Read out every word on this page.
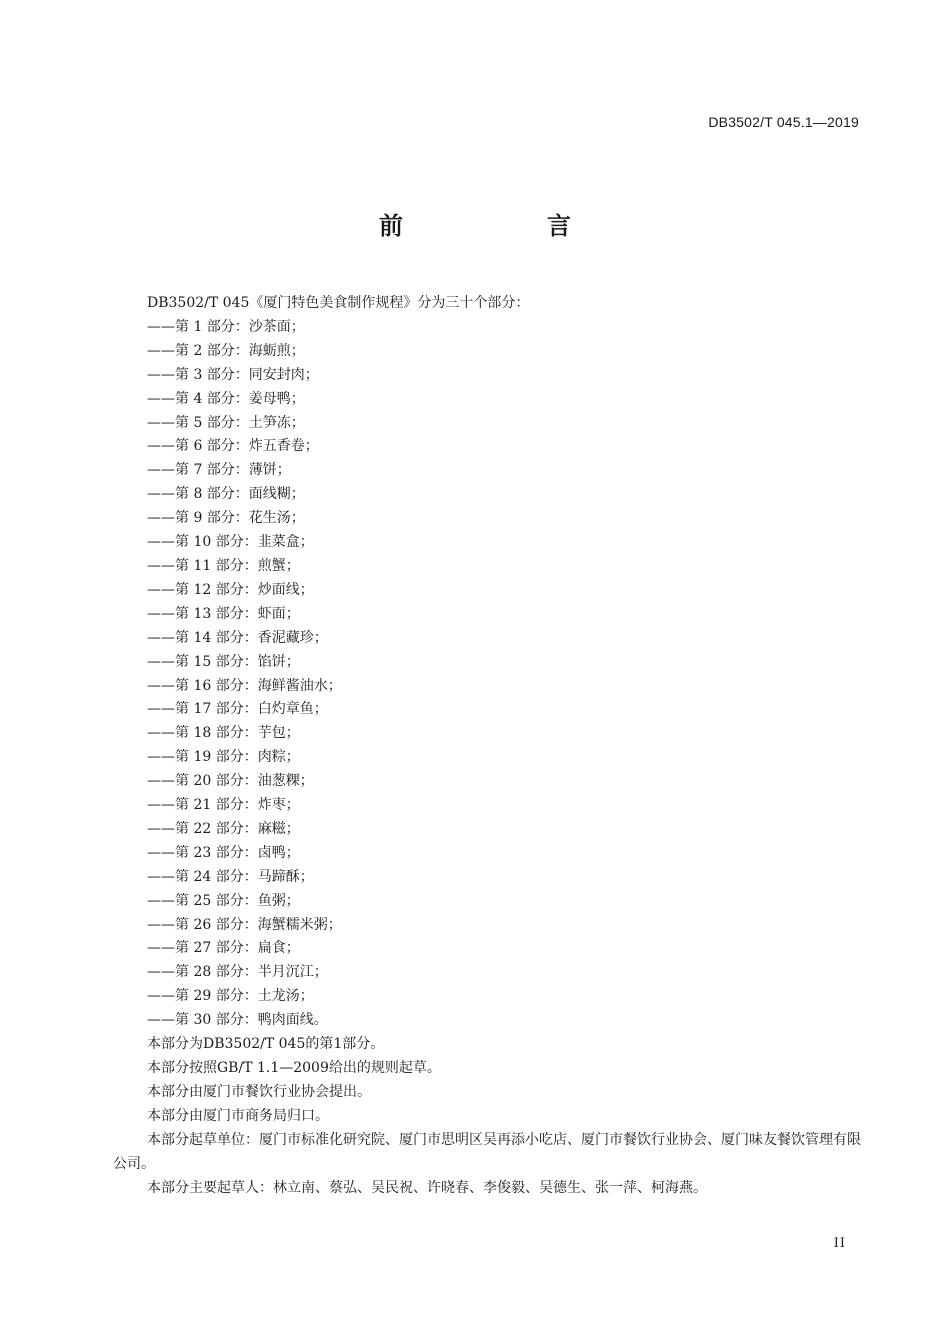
DB3502/T 045.1—2019
前　言

DB3502/T 045《厦门特色美食制作规程》分为三十个部分：

——第 1 部分：沙茶面；
——第 2 部分：海蛎煎；
——第 3 部分：同安封肉；
——第 4 部分：姜母鸭；
——第 5 部分：土笋冻；
——第 6 部分：炸五香卷；
——第 7 部分：薄饼；
——第 8 部分：面线糊；
——第 9 部分：花生汤；
——第 10 部分：韭菜盒；
——第 11 部分：煎蟹；
——第 12 部分：炒面线；
——第 13 部分：虾面；
——第 14 部分：香泥藏珍；
——第 15 部分：馅饼；
——第 16 部分：海鲜酱油水；
——第 17 部分：白灼章鱼；
——第 18 部分：芋包；
——第 19 部分：肉粽；
——第 20 部分：油葱粿；
——第 21 部分：炸枣；
——第 22 部分：麻糍；
——第 23 部分：卤鸭；
——第 24 部分：马蹄酥；
——第 25 部分：鱼粥；
——第 26 部分：海蟹糯米粥；
——第 27 部分：扁食；
——第 28 部分：半月沉江；
——第 29 部分：土龙汤；
——第 30 部分：鸭肉面线。

本部分为DB3502/T 045的第1部分。

本部分按照GB/T 1.1—2009给出的规则起草。

本部分由厦门市餐饮行业协会提出。

本部分由厦门市商务局归口。

本部分起草单位：厦门市标准化研究院、厦门市思明区吴再添小吃店、厦门市餐饮行业协会、厦门味友餐饮管理有限公司。

本部分主要起草人：林立南、蔡弘、吴民祝、许晓春、李俊毅、吴德生、张一萍、柯海燕。

II
